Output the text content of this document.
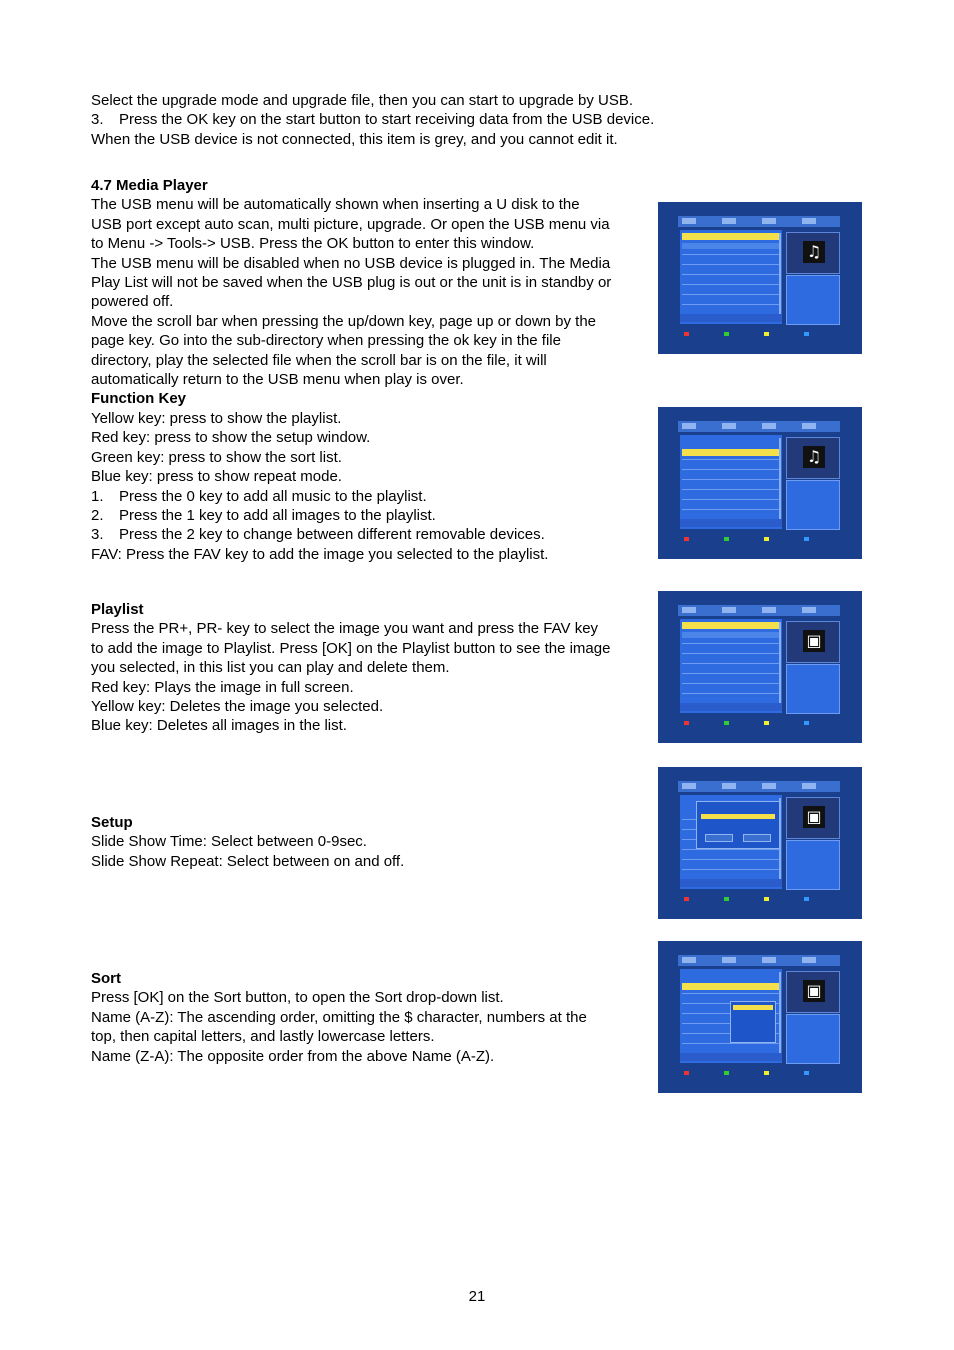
Select the upgrade mode and upgrade file, then you can start to upgrade by USB.
3. Press the OK key on the start button to start receiving data from the USB device.
When the USB device is not connected, this item is grey, and you cannot edit it.
4.7 Media Player
The USB menu will be automatically shown when inserting a U disk to the
USB port except auto scan, multi picture, upgrade. Or open the USB menu via
to Menu -> Tools-> USB. Press the OK button to enter this window.
The USB menu will be disabled when no USB device is plugged in. The Media
Play List will not be saved when the USB plug is out or the unit is in standby or
powered off.
Move the scroll bar when pressing the up/down key, page up or down by the
page key. Go into the sub-directory when pressing the ok key in the file
directory, play the selected file when the scroll bar is on the file, it will
automatically return to the USB menu when play is over.
Function Key
Yellow key: press to show the playlist.
Red key: press to show the setup window.
Green key: press to show the sort list.
Blue key: press to show repeat mode.
1. Press the 0 key to add all music to the playlist.
2. Press the 1 key to add all images to the playlist.
3. Press the 2 key to change between different removable devices.
FAV: Press the FAV key to add the image you selected to the playlist.
Playlist
Press the PR+, PR- key to select the image you want and press the FAV key
to add the image to Playlist. Press [OK] on the Playlist button to see the image
you selected, in this list you can play and delete them.
Red key: Plays the image in full screen.
Yellow key: Deletes the image you selected.
Blue key: Deletes all images in the list.
Setup
Slide Show Time: Select between 0-9sec.
Slide Show Repeat: Select between on and off.
Sort
Press [OK] on the Sort button, to open the Sort drop-down list.
Name (A-Z): The ascending order, omitting the $ character, numbers at the
top, then capital letters, and lastly lowercase letters.
Name (Z-A): The opposite order from the above Name (A-Z).
♫
♫
▣
▣
▣
21
